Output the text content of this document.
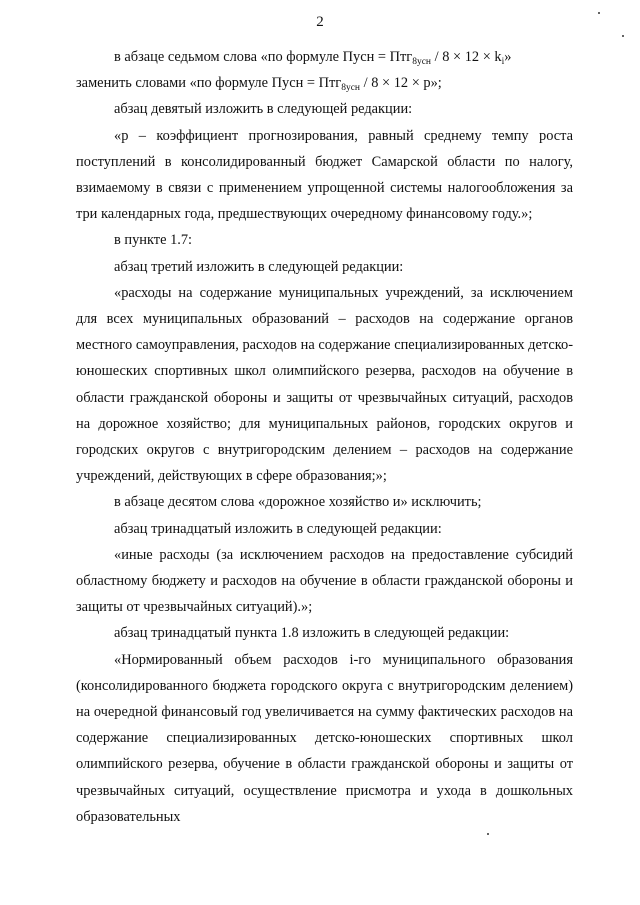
2

в абзаце седьмом слова «по формуле Пусн = $Птг_{8усн} / 8 \times 12 \times k_i$»
заменить словами «по формуле Пусн = Птг$_{8усн}$ / 8 × 12 × p»;

абзац девятый изложить в следующей редакции:

«p – коэффициент прогнозирования, равный среднему темпу роста поступлений в консолидированный бюджет Самарской области по налогу, взимаемому в связи с применением упрощенной системы налогообложения за три календарных года, предшествующих очередному финансовому году.»;

в пункте 1.7:

абзац третий изложить в следующей редакции:

«расходы на содержание муниципальных учреждений, за исключением для всех муниципальных образований – расходов на содержание органов местного самоуправления, расходов на содержание специализированных детско-юношеских спортивных школ олимпийского резерва, расходов на обучение в области гражданской обороны и защиты от чрезвычайных ситуаций, расходов на дорожное хозяйство; для муниципальных районов, городских округов и городских округов с внутригородским делением – расходов на содержание учреждений, действующих в сфере образования;»;

в абзаце десятом слова «дорожное хозяйство и» исключить;

абзац тринадцатый изложить в следующей редакции:

«иные расходы (за исключением расходов на предоставление субсидий областному бюджету и расходов на обучение в области гражданской обороны и защиты от чрезвычайных ситуаций).»;

абзац тринадцатый пункта 1.8 изложить в следующей редакции:

«Нормированный объем расходов i-го муниципального образования (консолидированного бюджета городского округа с внутригородским делением) на очередной финансовый год увеличивается на сумму фактических расходов на содержание специализированных детско-юношеских спортивных школ олимпийского резерва, обучение в области гражданской обороны и защиты от чрезвычайных ситуаций, осуществление присмотра и ухода в дошкольных образовательных
